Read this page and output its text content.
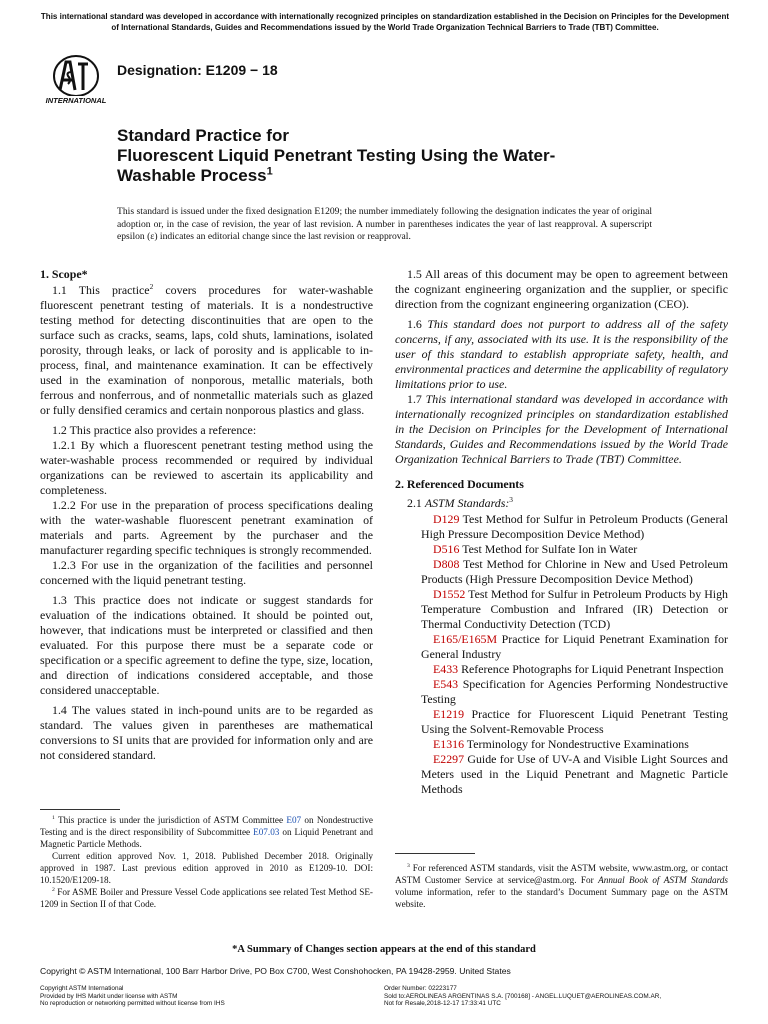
This international standard was developed in accordance with internationally recognized principles on standardization established in the Decision on Principles for the Development of International Standards, Guides and Recommendations issued by the World Trade Organization Technical Barriers to Trade (TBT) Committee.
INTERNATIONAL
Designation: E1209 − 18
Standard Practice for
Fluorescent Liquid Penetrant Testing Using the Water-
Washable Process$^1$
This standard is issued under the fixed designation E1209; the number immediately following the designation indicates the year of original adoption or, in the case of revision, the year of last revision. A number in parentheses indicates the year of last reapproval. A superscript epsilon (ε) indicates an editorial change since the last revision or reapproval.

1. Scope*

1.1 This practice$^2$ covers procedures for water-washable fluorescent penetrant testing of materials. It is a nondestructive testing method for detecting discontinuities that are open to the surface such as cracks, seams, laps, cold shuts, laminations, isolated porosity, through leaks, or lack of porosity and is applicable to in-process, final, and maintenance examination. It can be effectively used in the examination of nonporous, metallic materials, both ferrous and nonferrous, and of nonmetallic materials such as glazed or fully densified ceramics and certain nonporous plastics and glass.

1.2 This practice also provides a reference:

1.2.1 By which a fluorescent penetrant testing method using the water-washable process recommended or required by individual organizations can be reviewed to ascertain its applicability and completeness.

1.2.2 For use in the preparation of process specifications dealing with the water-washable fluorescent penetrant examination of materials and parts. Agreement by the purchaser and the manufacturer regarding specific techniques is strongly recommended.

1.2.3 For use in the organization of the facilities and personnel concerned with the liquid penetrant testing.

1.3 This practice does not indicate or suggest standards for evaluation of the indications obtained. It should be pointed out, however, that indications must be interpreted or classified and then evaluated. For this purpose there must be a separate code or specification or a specific agreement to define the type, size, location, and direction of indications considered acceptable, and those considered unacceptable.

1.4 The values stated in inch-pound units are to be regarded as standard. The values given in parentheses are mathematical conversions to SI units that are provided for information only and are not considered standard.

$^1$ This practice is under the jurisdiction of ASTM Committee E07 on Nondestructive Testing and is the direct responsibility of Subcommittee E07.03 on Liquid Penetrant and Magnetic Particle Methods.

Current edition approved Nov. 1, 2018. Published December 2018. Originally approved in 1987. Last previous edition approved in 2010 as E1209-10. DOI: 10.1520/E1209-18.

$^2$ For ASME Boiler and Pressure Vessel Code applications see related Test Method SE-1209 in Section II of that Code.

1.5 All areas of this document may be open to agreement between the cognizant engineering organization and the supplier, or specific direction from the cognizant engineering organization (CEO).

1.6 This standard does not purport to address all of the safety concerns, if any, associated with its use. It is the responsibility of the user of this standard to establish appropriate safety, health, and environmental practices and determine the applicability of regulatory limitations prior to use.

1.7 This international standard was developed in accordance with internationally recognized principles on standardization established in the Decision on Principles for the Development of International Standards, Guides and Recommendations issued by the World Trade Organization Technical Barriers to Trade (TBT) Committee.

2. Referenced Documents

2.1 ASTM Standards:$^3$

D129 Test Method for Sulfur in Petroleum Products (General High Pressure Decomposition Device Method)

D516 Test Method for Sulfate Ion in Water

D808 Test Method for Chlorine in New and Used Petroleum Products (High Pressure Decomposition Device Method)

D1552 Test Method for Sulfur in Petroleum Products by High Temperature Combustion and Infrared (IR) Detection or Thermal Conductivity Detection (TCD)

E165/E165M Practice for Liquid Penetrant Examination for General Industry

E433 Reference Photographs for Liquid Penetrant Inspection

E543 Specification for Agencies Performing Nondestructive Testing

E1219 Practice for Fluorescent Liquid Penetrant Testing Using the Solvent-Removable Process

E1316 Terminology for Nondestructive Examinations

E2297 Guide for Use of UV-A and Visible Light Sources and Meters used in the Liquid Penetrant and Magnetic Particle Methods

$^3$ For referenced ASTM standards, visit the ASTM website, www.astm.org, or contact ASTM Customer Service at service@astm.org. For Annual Book of ASTM Standards volume information, refer to the standard’s Document Summary page on the ASTM website.

*A Summary of Changes section appears at the end of this standard
Copyright © ASTM International, 100 Barr Harbor Drive, PO Box C700, West Conshohocken, PA 19428-2959. United States
Copyright ASTM International
Provided by IHS Markit under license with ASTM
No reproduction or networking permitted without license from IHS
Order Number: 02223177
Sold to:AEROLINEAS ARGENTINAS S.A. [700168] - ANGEL.LUQUET@AEROLINEAS.COM.AR,
Not for Resale,2018-12-17 17:33:41 UTC
